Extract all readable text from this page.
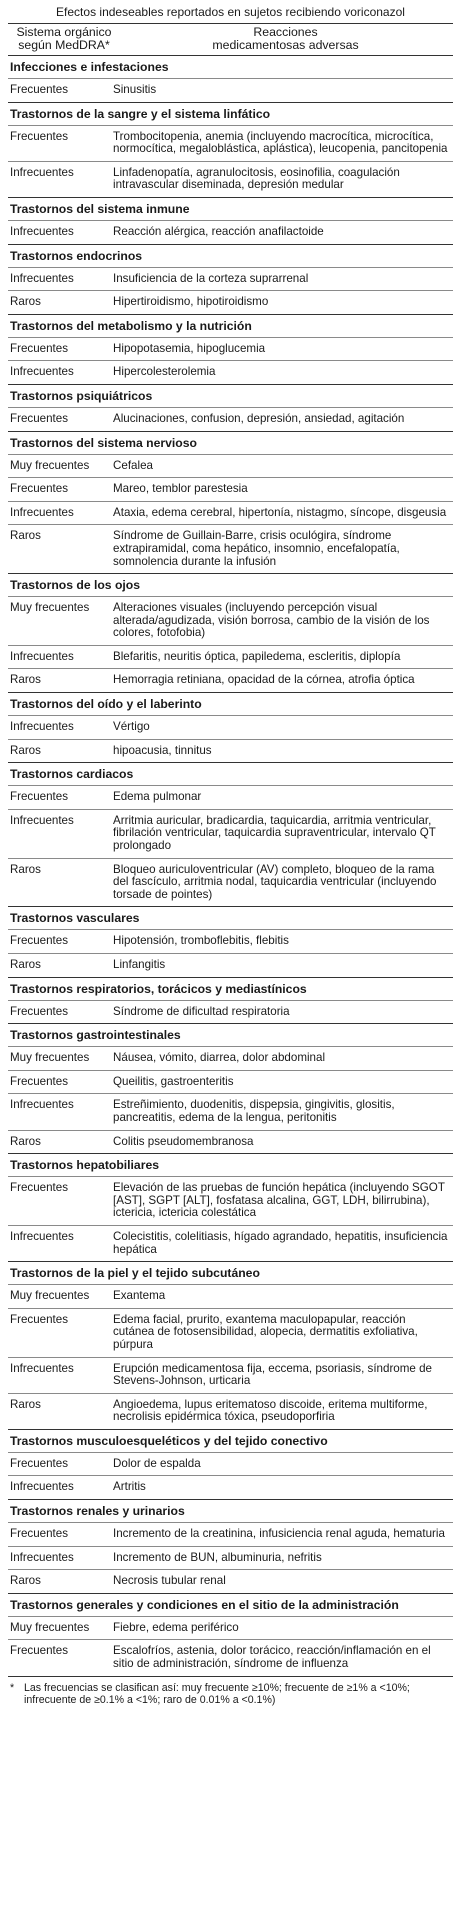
Efectos indeseables reportados en sujetos recibiendo voriconazol
Sistema orgánico
según MedDRA*
Reacciones
medicamentosas adversas
Infecciones e infestaciones
Frecuentes	Sinusitis
Trastornos de la sangre y el sistema linfático
Frecuentes	Trombocitopenia, anemia (incluyendo macrocítica, microcítica, normocítica, megaloblástica, aplástica), leucopenia, pancitopenia
Infrecuentes	Linfadenopatía, agranulocitosis, eosinofilia, coagulación intravascular diseminada, depresión medular
Trastornos del sistema inmune
Infrecuentes	Reacción alérgica, reacción anafilactoide
Trastornos endocrinos
Infrecuentes	Insuficiencia de la corteza suprarrenal
Raros	Hipertiroidismo, hipotiroidismo
Trastornos del metabolismo y la nutrición
Frecuentes	Hipopotasemia, hipoglucemia
Infrecuentes	Hipercolesterolemia
Trastornos psiquiátricos
Frecuentes	Alucinaciones, confusion, depresión, ansiedad, agitación
Trastornos del sistema nervioso
Muy frecuentes	Cefalea
Frecuentes	Mareo, temblor parestesia
Infrecuentes	Ataxia, edema cerebral, hipertonía, nistagmo, síncope, disgeusia
Raros	Síndrome de Guillain-Barre, crisis oculógira, síndrome extrapiramidal, coma hepático, insomnio, encefalopatía, somnolencia durante la infusión
Trastornos de los ojos
Muy frecuentes	Alteraciones visuales (incluyendo percepción visual alterada/agudizada, visión borrosa, cambio de la visión de los colores, fotofobia)
Infrecuentes	Blefaritis, neuritis óptica, papiledema, escleritis, diplopía
Raros	Hemorragia retiniana, opacidad de la córnea, atrofia óptica
Trastornos del oído y el laberinto
Infrecuentes	Vértigo
Raros	hipoacusia, tinnitus
Trastornos cardiacos
Frecuentes	Edema pulmonar
Infrecuentes	Arritmia auricular, bradicardia, taquicardia, arritmia ventricular, fibrilación ventricular, taquicardia supraventricular, intervalo QT prolongado
Raros	Bloqueo auriculoventricular (AV) completo, bloqueo de la rama del fascículo, arritmia nodal, taquicardia ventricular (incluyendo torsade de pointes)
Trastornos vasculares
Frecuentes	Hipotensión, tromboflebitis, flebitis
Raros	Linfangitis
Trastornos respiratorios, torácicos y mediastínicos
Frecuentes	Síndrome de dificultad respiratoria
Trastornos gastrointestinales
Muy frecuentes	Náusea, vómito, diarrea, dolor abdominal
Frecuentes	Queilitis, gastroenteritis
Infrecuentes	Estreñimiento, duodenitis, dispepsia, gingivitis, glositis, pancreatitis, edema de la lengua, peritonitis
Raros	Colitis pseudomembranosa
Trastornos hepatobiliares
Frecuentes	Elevación de las pruebas de función hepática (incluyendo SGOT [AST], SGPT [ALT], fosfatasa alcalina, GGT, LDH, bilirrubina), ictericia, ictericia colestática
Infrecuentes	Colecistitis, colelitiasis, hígado agrandado, hepatitis, insuficiencia hepática
Trastornos de la piel y el tejido subcutáneo
Muy frecuentes	Exantema
Frecuentes	Edema facial, prurito, exantema maculopapular, reacción cutánea de fotosensibilidad, alopecia, dermatitis exfoliativa, púrpura
Infrecuentes	Erupción medicamentosa fija, eccema, psoriasis, síndrome de Stevens-Johnson, urticaria
Raros	Angioedema, lupus eritematoso discoide, eritema multiforme, necrolisis epidérmica tóxica, pseudoporfiria
Trastornos musculoesqueléticos y del tejido conectivo
Frecuentes	Dolor de espalda
Infrecuentes	Artritis
Trastornos renales y urinarios
Frecuentes	Incremento de la creatinina, infusiciencia renal aguda, hematuria
Infrecuentes	Incremento de BUN, albuminuria, nefritis
Raros	Necrosis tubular renal
Trastornos generales y condiciones en el sitio de la administración
Muy frecuentes	Fiebre, edema periférico
Frecuentes	Escalofríos, astenia, dolor torácico, reacción/inflamación en el sitio de administración, síndrome de influenza
* Las frecuencias se clasifican así: muy frecuente ≥10%; frecuente de ≥1% a <10%; infrecuente de ≥0.1% a <1%; raro de 0.01% a <0.1%)
